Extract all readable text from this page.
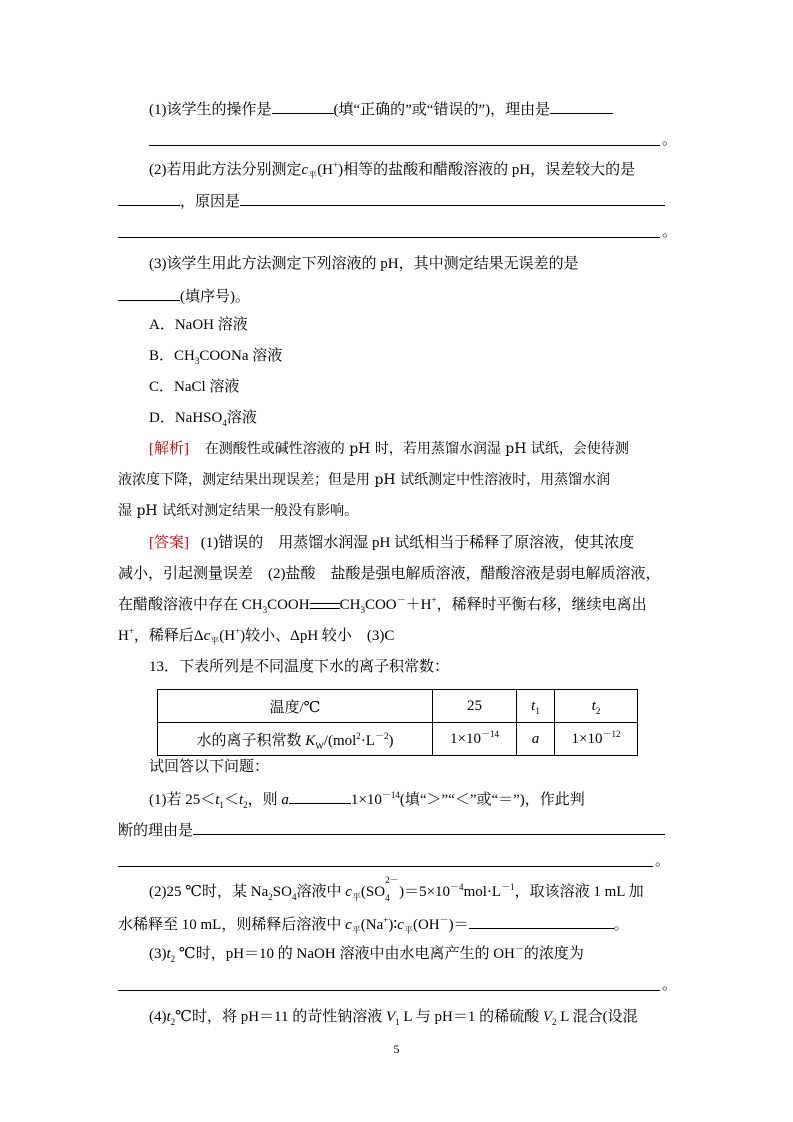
(1)该学生的操作是	(填“正确的”或“错误的”)，理由是
。
(2)若用此方法分别测定$c_平(H^+)$相等的盐酸和醋酸溶液的 pH，误差较大的是
，原因是
。
(3)该学生用此方法测定下列溶液的 pH，其中测定结果无误差的是
(填序号)。
A．NaOH 溶液
B．$CH_3COONa$ 溶液
C．NaCl 溶液
D．NaHSO$_4$溶液
[解析] 在测酸性或碱性溶液的 pH 时，若用蒸馏水润湿 pH 试纸，会使待测
液浓度下降，测定结果出现误差；但是用 pH 试纸测定中性溶液时，用蒸馏水润
湿 pH 试纸对测定结果一般没有影响。
[答案] (1)错误的　用蒸馏水润湿 pH 试纸相当于稀释了原溶液，使其浓度
减小，引起测量误差　(2)盐酸　盐酸是强电解质溶液，醋酸溶液是弱电解质溶液，
在醋酸溶液中存在 $CH_3COOH$ $CH_3COO^-+H^+$，稀释时平衡右移，继续电离出
H+，稀释后$\Delta c_平(H^+)$较小、ΔpH 较小　(3)C
13．下表所列是不同温度下水的离子积常数：
温度/℃	25	$t_1$	$t_2$
水的离子积常数 $K_W/(mol^2\cdot L^{-2})$	$1\times 10^{-14}$	a	$1\times 10^{-12}$
试回答以下问题：
(1)若 $25<t_1<t_2$，则 a	$1\times 10^{-14}$(填“＞”“＜”或“＝”)，作此判
断的理由是
。
(2)25 ℃时，某 $Na_2SO_4$溶液中 $c_平(SO$
2－
4 )$=5\times 10^{-4}mol\cdot L^{-1}$，取该溶液 1 mL 加
水稀释至 10 mL，则稀释后溶液中 $c_平(Na^+)∶c_平(OH^-)=$	。
$(3)t_2$ ℃时，pH＝10 的 NaOH 溶液中由水电离产生的 OH－的浓度为
。
$(4)t_2℃$时，将 pH＝11 的苛性钠溶液 $V_1$ L 与 pH＝1 的稀硫酸 $V_2$ L 混合(设混
5
